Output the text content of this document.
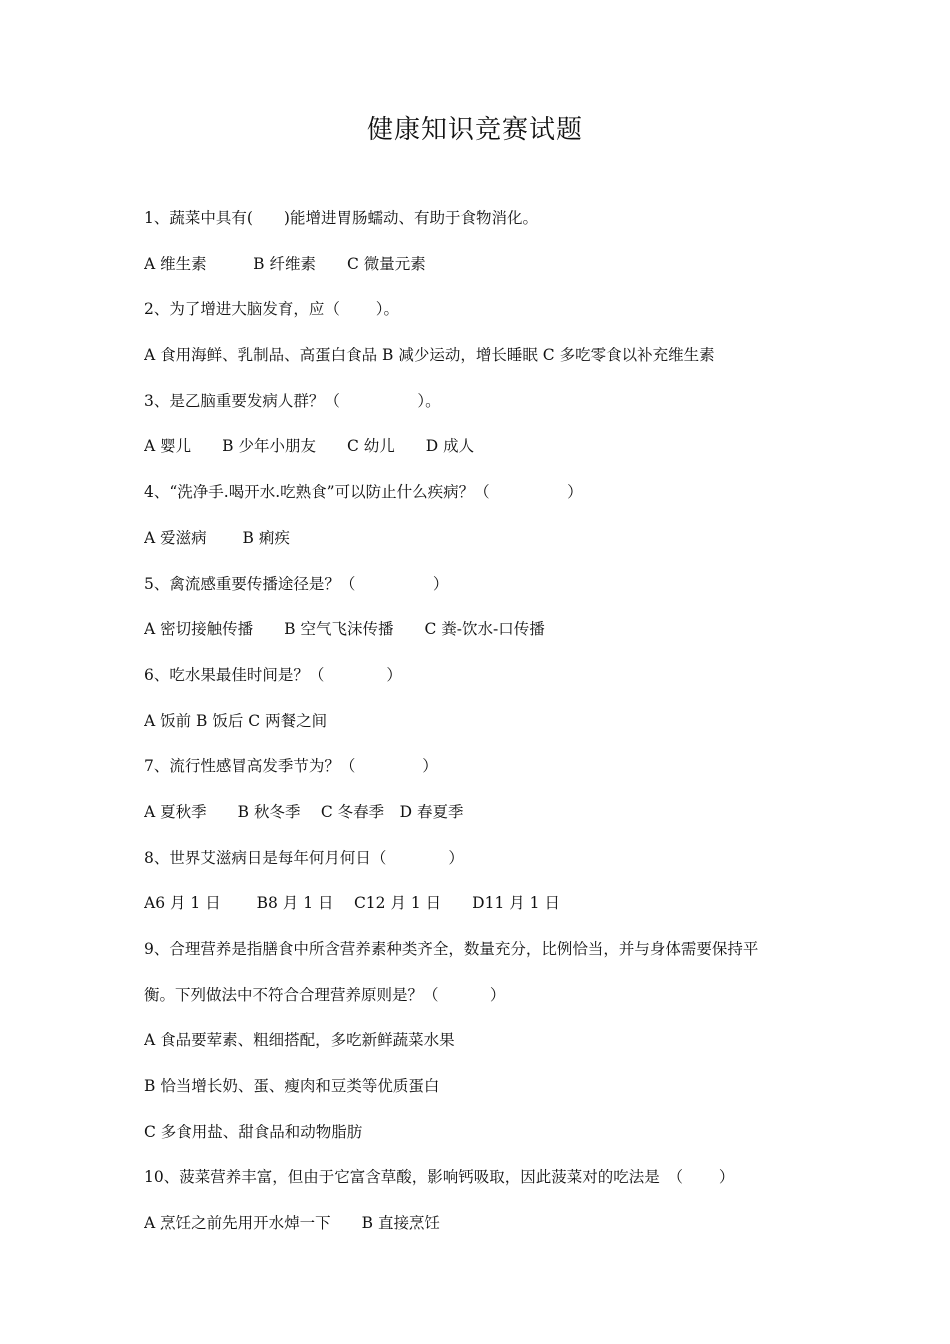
健康知识竞赛试题
1、蔬菜中具有(　　)能增进胃肠蠕动、有助于食物消化。
A 维生素　　　B 纤维素　　C 微量元素
2、为了增进大脑发育，应（　　 ）。
A 食用海鲜、乳制品、高蛋白食品 B 减少运动，增长睡眠 C 多吃零食以补充维生素
3、是乙脑重要发病人群？（　　　　　）。
A 婴儿　　B 少年小朋友　　C 幼儿　　D 成人
4、“洗净手.喝开水.吃熟食”可以防止什么疾病？（　　　　　）
A 爱滋病　　 B 痢疾
5、禽流感重要传播途径是？（　　　　　）
A 密切接触传播　　B 空气飞沫传播　　C 粪-饮水-口传播
6、吃水果最佳时间是？（　　　　）
A 饭前 B 饭后 C 两餐之间
7、流行性感冒高发季节为？（　　　　 ）
A 夏秋季　　B 秋冬季　 C 冬春季　D 春夏季
8、世界艾滋病日是每年何月何日（　　　　）
A6 月 1 日　　 B8 月 1 日　 C12 月 1 日　　D11 月 1 日
9、合理营养是指膳食中所含营养素种类齐全，数量充分，比例恰当，并与身体需要保持平
衡。下列做法中不符合合理营养原则是？（　　　 ）
A 食品要荤素、粗细搭配，多吃新鲜蔬菜水果
B 恰当增长奶、蛋、瘦肉和豆类等优质蛋白
C 多食用盐、甜食品和动物脂肪
10、菠菜营养丰富，但由于它富含草酸，影响钙吸取，因此菠菜对的吃法是　（　　 ）
A 烹饪之前先用开水焯一下　　B 直接烹饪
